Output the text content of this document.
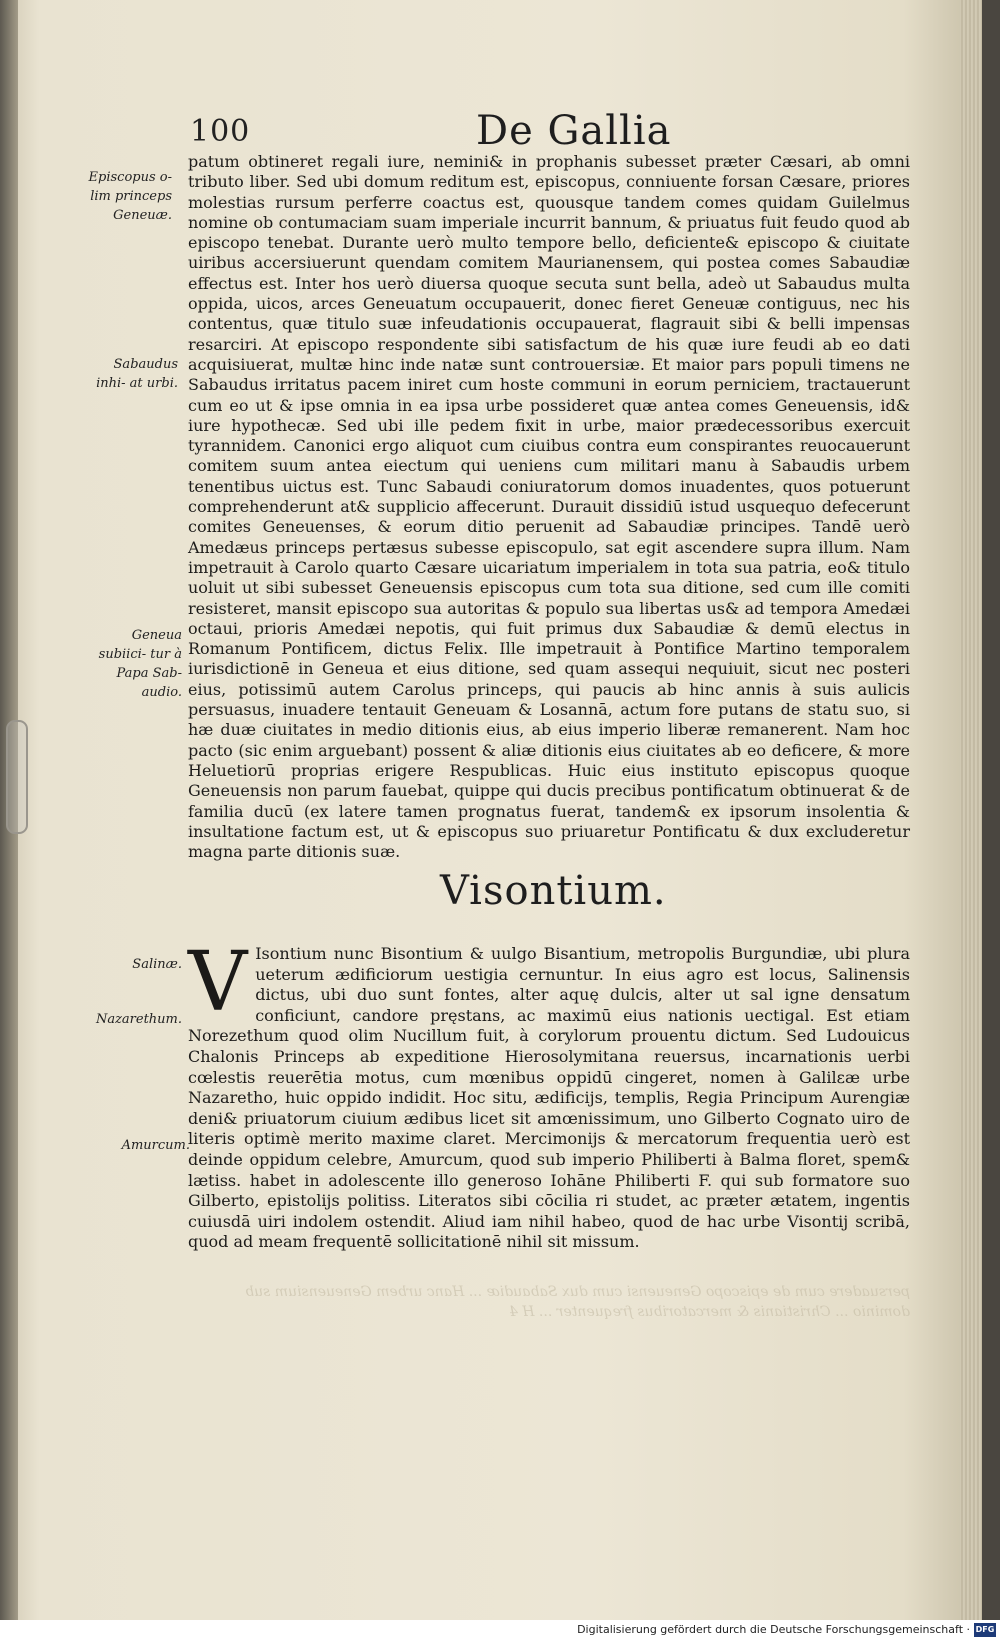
100	De Gallia
Episcopus o- lim princeps Geneuæ.
Sabaudus inhi- at urbi.
Geneua subiici- tur à Papa Sab- audio.
Salinæ.
Nazarethum.
Amurcum.

patum obtineret regali iure, nemini& in prophanis subesset præter Cæsari, ab omni tributo liber. Sed ubi domum reditum est, episcopus, conniuente forsan Cæsare, priores molestias rursum perferre coactus est, quousque tandem comes quidam Guilelmus nomine ob contumaciam suam imperiale incurrit bannum, & priuatus fuit feudo quod ab episcopo tenebat. Durante uerò multo tempore bello, deficiente& episcopo & ciuitate uiribus accersiuerunt quendam comitem Maurianensem, qui postea comes Sabaudiæ effectus est. Inter hos uerò diuersa quoque secuta sunt bella, adeò ut Sabaudus multa oppida, uicos, arces Geneuatum occupauerit, donec fieret Geneuæ contiguus, nec his contentus, quæ titulo suæ infeudationis occupauerat, flagrauit sibi & belli impensas resarciri. At episcopo respondente sibi satisfactum de his quæ iure feudi ab eo dati acquisiuerat, multæ hinc inde natæ sunt controuersiæ. Et maior pars populi timens ne Sabaudus irritatus pacem iniret cum hoste communi in eorum perniciem, tractauerunt cum eo ut & ipse omnia in ea ipsa urbe possideret quæ antea comes Geneuensis, id& iure hypothecæ. Sed ubi ille pedem fixit in urbe, maior prædecessoribus exercuit tyrannidem. Canonici ergo aliquot cum ciuibus contra eum conspirantes reuocauerunt comitem suum antea eiectum qui ueniens cum militari manu à Sabaudis urbem tenentibus uictus est. Tunc Sabaudi coniuratorum domos inuadentes, quos potuerunt comprehenderunt at& supplicio affecerunt. Durauit dissidiū istud usquequo defecerunt comites Geneuenses, & eorum ditio peruenit ad Sabaudiæ principes. Tandē uerò Amedæus princeps pertæsus subesse episcopulo, sat egit ascendere supra illum. Nam impetrauit à Carolo quarto Cæsare uicariatum imperialem in tota sua patria, eo& titulo uoluit ut sibi subesset Geneuensis episcopus cum tota sua ditione, sed cum ille comiti resisteret, mansit episcopo sua autoritas & populo sua libertas us& ad tempora Amedæi octaui, prioris Amedæi nepotis, qui fuit primus dux Sabaudiæ & demū electus in Romanum Pontificem, dictus Felix. Ille impetrauit à Pontifice Martino temporalem iurisdictionē in Geneua et eius ditione, sed quam assequi nequiuit, sicut nec posteri eius, potissimū autem Carolus princeps, qui paucis ab hinc annis à suis aulicis persuasus, inuadere tentauit Geneuam & Losannā, actum fore putans de statu suo, si hæ duæ ciuitates in medio ditionis eius, ab eius imperio liberæ remanerent. Nam hoc pacto (sic enim arguebant) possent & aliæ ditionis eius ciuitates ab eo deficere, & more Heluetiorū proprias erigere Respublicas. Huic eius instituto episcopus quoque Geneuensis non parum fauebat, quippe qui ducis precibus pontificatum obtinuerat & de familia ducū (ex latere tamen prognatus fuerat, tandem& ex ipsorum insolentia & insultatione factum est, ut & episcopus suo priuaretur Pontificatu & dux excluderetur magna parte ditionis suæ.

Visontium.
V Isontium nunc Bisontium & uulgo Bisantium, metropolis Burgundiæ, ubi plura ueterum ædificiorum uestigia cernuntur. In eius agro est locus, Salinensis dictus, ubi duo sunt fontes, alter aquę dulcis, alter ut sal igne densatum conficiunt, candore pręstans, ac maximū eius nationis uectigal. Est etiam Norezethum quod olim Nucillum fuit, à corylorum prouentu dictum. Sed Ludouicus Chalonis Princeps ab expeditione Hierosolymitana reuersus, incarnationis uerbi cœlestis reuerētia motus, cum mœnibus oppidū cingeret, nomen à Galilεæ urbe Nazaretho, huic oppido indidit. Hoc situ, ædificijs, templis, Regia Principum Aurengiæ deni& priuatorum ciuium ædibus licet sit amœnissimum, uno Gilberto Cognato uiro de literis optimè merito maxime claret. Mercimonijs & mercatorum frequentia uerò est deinde oppidum celebre, Amurcum, quod sub imperio Philiberti à Balma floret, spem& lætiss. habet in adolescente illo generoso Iohāne Philiberti F. qui sub formatore suo Gilberto, epistolijs politiss. Literatos sibi cōcilia ri studet, ac præter ætatem, ingentis cuiusdā uiri indolem ostendit. Aliud iam nihil habeo, quod de hac urbe Visontij scribā, quod ad meam frequentē sollicitationē nihil sit missum.

persuadere cum de episcopo Geneuensi cum dux Sabaudiæ ... Hanc urbem Geneuensium sub dominio ... Christianis & mercatoribus frequenter ... H 4
Digitalisierung gefördert durch die Deutsche Forschungsgemeinschaft · DFG
